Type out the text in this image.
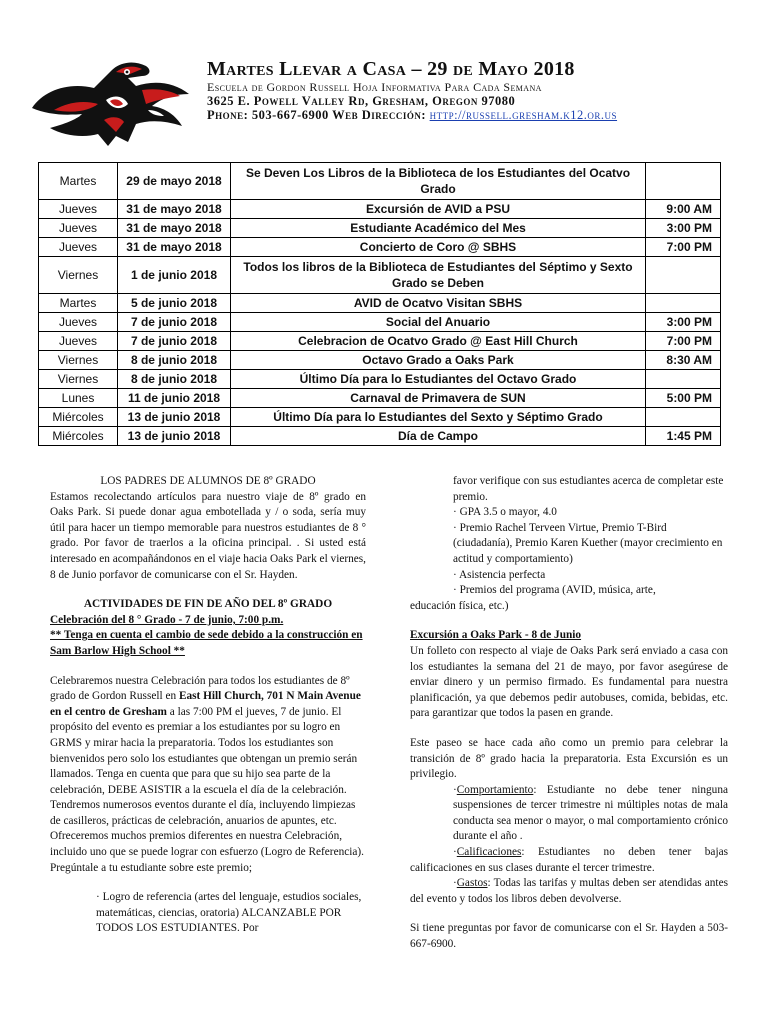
Martes Llevar a Casa – 29 de Mayo 2018
Escuela de Gordon Russell Hoja Informativa Para Cada Semana
3625 E. Powell Valley Rd, Gresham, Oregon 97080
Phone: 503-667-6900 Web Dirección: http://russell.gresham.k12.or.us
Martes	29 de mayo 2018	Se Deven Los Libros de la Biblioteca de los Estudiantes del Ocatvo Grado	
Jueves	31 de mayo 2018	Excursión de AVID a PSU	9:00 AM
Jueves	31 de mayo 2018	Estudiante Académico del Mes	3:00 PM
Jueves	31 de mayo 2018	Concierto de Coro @ SBHS	7:00 PM
Viernes	1 de junio 2018	Todos los libros de la Biblioteca de Estudiantes del Séptimo y Sexto Grado se Deben	
Martes	5 de junio 2018	AVID de Ocatvo Visitan SBHS	
Jueves	7 de junio 2018	Social del Anuario	3:00 PM
Jueves	7 de junio 2018	Celebracion de Ocatvo Grado @ East Hill Church	7:00 PM
Viernes	8 de junio 2018	Octavo Grado a Oaks Park	8:30 AM
Viernes	8 de junio 2018	Último Día para lo Estudiantes del Octavo Grado	
Lunes	11 de junio 2018	Carnaval de Primavera de SUN	5:00 PM
Miércoles	13 de junio 2018	Último Día para lo Estudiantes del Sexto y Séptimo Grado	
Miércoles	13 de junio 2018	Día de Campo	1:45 PM

LOS PADRES DE ALUMNOS DE 8º GRADO

Estamos recolectando artículos para nuestro viaje de 8º grado en Oaks Park. Si puede donar agua embotellada y / o soda, sería muy útil para hacer un tiempo memorable para nuestros estudiantes de 8 ° grado. Por favor de traerlos a la oficina principal. . Si usted está interesado en acompañándonos en el viaje hacia Oaks Park el viernes, 8 de Junio porfavor de comunicarse con el Sr. Hayden.

ACTIVIDADES DE FIN DE AÑO DEL 8º GRADO

Celebración del 8 ° Grado - 7 de junio, 7:00 p.m.

** Tenga en cuenta el cambio de sede debido a la construcción en Sam Barlow High School **

Celebraremos nuestra Celebración para todos los estudiantes de 8º grado de Gordon Russell en East Hill Church, 701 N Main Avenue en el centro de Gresham a las 7:00 PM el jueves, 7 de junio. El propósito del evento es premiar a los estudiantes por su logro en GRMS y mirar hacia la preparatoria. Todos los estudiantes son bienvenidos pero solo los estudiantes que obtengan un premio serán llamados. Tenga en cuenta que para que su hijo sea parte de la celebración, DEBE ASISTIR a la escuela el día de la celebración. Tendremos numerosos eventos durante el día, incluyendo limpiezas de casilleros, prácticas de celebración, anuarios de apuntes, etc. Ofreceremos muchos premios diferentes en nuestra Celebración, incluido uno que se puede lograr con esfuerzo (Logro de Referencia). Pregúntale a tu estudiante sobre este premio;

· Logro de referencia (artes del lenguaje, estudios sociales, matemáticas, ciencias, oratoria) ALCANZABLE POR TODOS LOS ESTUDIANTES. Por

favor verifique con sus estudiantes acerca de completar este premio.

· GPA 3.5 o mayor, 4.0

· Premio Rachel Terveen Virtue, Premio T-Bird (ciudadanía), Premio Karen Kuether (mayor crecimiento en actitud y comportamiento)

· Asistencia perfecta

· Premios del programa (AVID, música, arte,

educación física, etc.)

Excursión a Oaks Park - 8 de Junio

Un folleto con respecto al viaje de Oaks Park será enviado a casa con los estudiantes la semana del 21 de mayo, por favor asegúrese de enviar dinero y un permiso firmado. Es fundamental para nuestra planificación, ya que debemos pedir autobuses, comida, bebidas, etc. para garantizar que todos la pasen en grande.

Este paseo se hace cada año como un premio para celebrar la transición de 8º grado hacia la preparatoria. Esta Excursión es un privilegio.

·Comportamiento: Estudiante no debe tener ninguna suspensiones de tercer trimestre ni múltiples notas de mala conducta sea menor o mayor, o mal comportamiento crónico durante el año .

·Calificaciones: Estudiantes no deben tener bajas calificaciones en sus clases durante el tercer trimestre.

·Gastos: Todas las tarifas y multas deben ser atendidas antes del evento y todos los libros deben devolverse.

Si tiene preguntas por favor de comunicarse con el Sr. Hayden a 503-667-6900.
